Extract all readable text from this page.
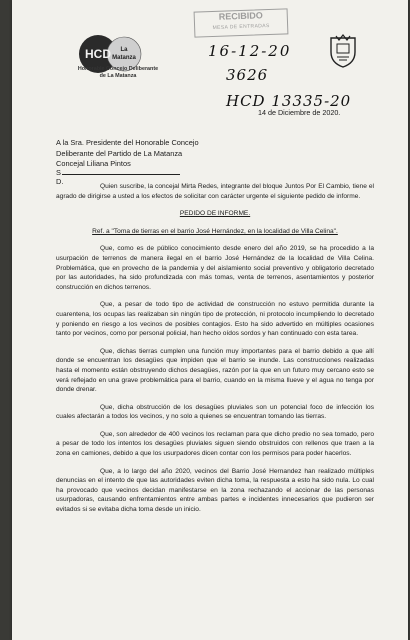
HCD La
Matanza
Honorable Concejo Deliberante
de La Matanza
RECIBIDO
MESA DE ENTRADAS
16-12-20
3626
HCD 13335-20
14 de Diciembre de 2020.
A la Sra. Presidente del Honorable Concejo
Deliberante del Partido de La Matanza
Concejal Liliana Pintos
SD.

Quien suscribe, la concejal Mirta Redes, integrante del bloque Juntos Por El Cambio, tiene el agrado de dirigirse a usted a los efectos de solicitar con carácter urgente el siguiente pedido de informe.

PEDIDO DE INFORME.

Ref. a "Toma de tierras en el barrio José Hernández, en la localidad de Villa Celina".

Que, como es de público conocimiento desde enero del año 2019, se ha procedido a la usurpación de terrenos de manera ilegal en el barrio José Hernández de la localidad de Villa Celina. Problemática, que en provecho de la pandemia y del aislamiento social preventivo y obligatorio decretado por las autoridades, ha sido profundizada con más tomas, venta de terrenos, asentamientos y posterior construcción en dichos terrenos.

Que, a pesar de todo tipo de actividad de construcción no estuvo permitida durante la cuarentena, los ocupas las realizaban sin ningún tipo de protección, ni protocolo incumpliendo lo decretado y poniendo en riesgo a los vecinos de posibles contagios. Esto ha sido advertido en múltiples ocasiones tanto por vecinos, como por personal policial, han hecho oídos sordos y han continuado con esta tarea.

Que, dichas tierras cumplen una función muy importantes para el barrio debido a que allí donde se encuentran los desagües que impiden que el barrio se inunde. Las construcciones realizadas hasta el momento están obstruyendo dichos desagües, razón por la que en un futuro muy cercano esto se verá reflejado en una grave problemática para el barrio, cuando en la misma llueve y el agua no tenga por donde drenar.

Que, dicha obstrucción de los desagües pluviales son un potencial foco de infección los cuales afectarán a todos los vecinos, y no solo a quienes se encuentran tomando las tierras.

Que, son alrededor de 400 vecinos los reclaman para que dicho predio no sea tomado, pero a pesar de todo los intentos los desagües pluviales siguen siendo obstruidos con rellenos que traen a la zona en camiones, debido a que los usurpadores dicen contar con los permisos para poder hacerlos.

Que, a lo largo del año 2020, vecinos del Barrio José Hernandez han realizado múltiples denuncias en el intento de que las autoridades eviten dicha toma, la respuesta a esto ha sido nula. Lo cual ha provocado que vecinos decidan manifestarse en la zona rechazando el accionar de las personas usurpadoras, causando enfrentamientos entre ambas partes e incidentes innecesarios que pudieron ser evitados si se evitaba dicha toma desde un inicio.
